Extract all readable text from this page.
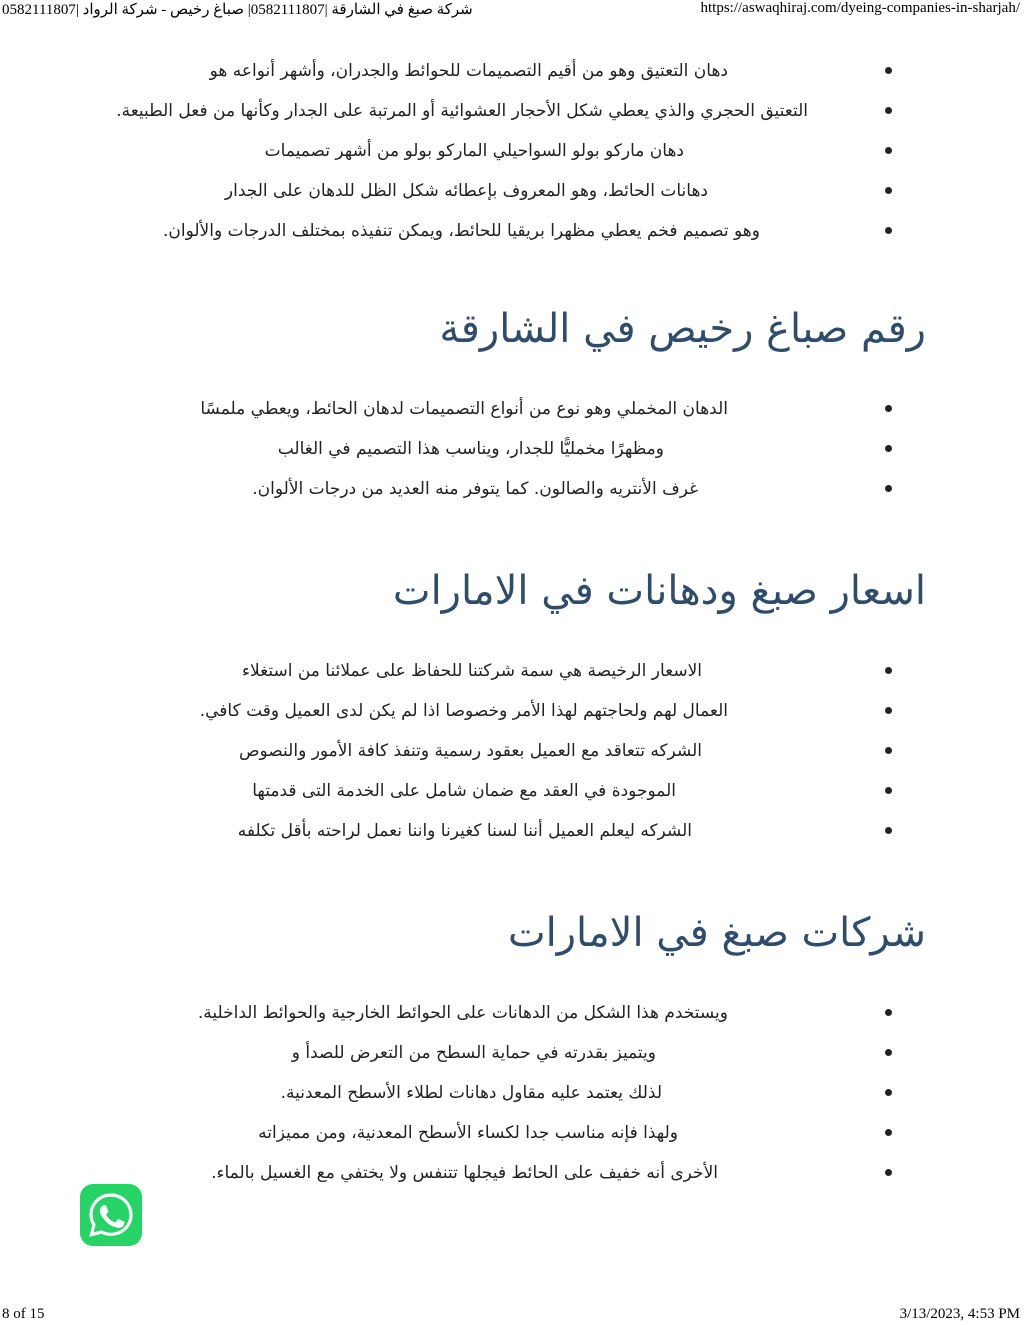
شركة صبغ في الشارقة |0582111807| صباغ رخيص - شركة الرواد |0582111807	https://aswaqhiraj.com/dyeing-companies-in-sharjah/
دهان التعتيق وهو من أقيم التصميمات للحوائط والجدران، وأشهر أنواعه هو
التعتيق الحجري والذي يعطي شكل الأحجار العشوائية أو المرتبة على الجدار وكأنها من فعل الطبيعة.
دهان ماركو بولو السواحيلي الماركو بولو من أشهر تصميمات
دهانات الحائط، وهو المعروف بإعطائه شكل الظل للدهان على الجدار
وهو تصميم فخم يعطي مظهرا بريقيا للحائط، ويمكن تنفيذه بمختلف الدرجات والألوان.
رقم صباغ رخيص في الشارقة
الدهان المخملي وهو نوع من أنواع التصميمات لدهان الحائط، ويعطي ملمسًا
ومظهرًا مخمليًّا للجدار، ويناسب هذا التصميم في الغالب
غرف الأنتريه والصالون. كما يتوفر منه العديد من درجات الألوان.
اسعار صبغ ودهانات في الامارات
الاسعار الرخيصة هي سمة شركتنا للحفاظ على عملائنا من استغلاء
العمال لهم ولحاجتهم لهذا الأمر وخصوصا اذا لم يكن لدى العميل وقت كافي.
الشركه تتعاقد مع العميل بعقود رسمية وتنفذ كافة الأمور والنصوص
الموجودة في العقد مع ضمان شامل على الخدمة التى قدمتها
الشركه ليعلم العميل أننا لسنا كغيرنا واننا نعمل لراحته بأقل تكلفه
شركات صبغ في الامارات
ويستخدم هذا الشكل من الدهانات على الحوائط الخارجية والحوائط الداخلية.
ويتميز بقدرته في حماية السطح من التعرض للصدأ و
لذلك يعتمد عليه مقاول دهانات لطلاء الأسطح المعدنية.
ولهذا فإنه مناسب جدا لكساء الأسطح المعدنية، ومن مميزاته
الأخرى أنه خفيف على الحائط فيجلها تتنفس ولا يختفي مع الغسيل بالماء.
8 of 15	3/13/2023, 4:53 PM
